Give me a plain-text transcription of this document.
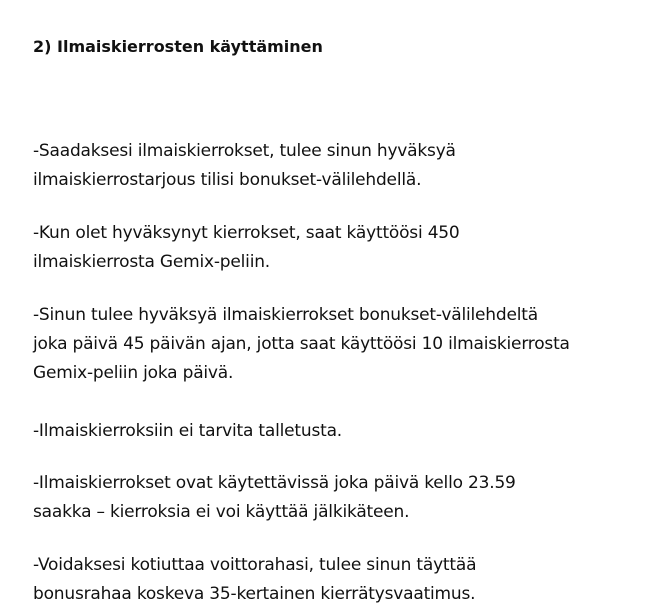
2) Ilmaiskierrosten käyttäminen

-Saadaksesi ilmaiskierrokset, tulee sinun hyväksyä
ilmaiskierrostarjous tilisi bonukset-välilehdellä.

-Kun olet hyväksynyt kierrokset, saat käyttöösi 450
ilmaiskierrosta Gemix-peliin.

-Sinun tulee hyväksyä ilmaiskierrokset bonukset-välilehdeltä
joka päivä 45 päivän ajan, jotta saat käyttöösi 10 ilmaiskierrosta
Gemix-peliin joka päivä.

-Ilmaiskierroksiin ei tarvita talletusta.

-Ilmaiskierrokset ovat käytettävissä joka päivä kello 23.59
saakka – kierroksia ei voi käyttää jälkikäteen.

-Voidaksesi kotiuttaa voittorahasi, tulee sinun täyttää
bonusrahaa koskeva 35-kertainen kierrätysvaatimus.
